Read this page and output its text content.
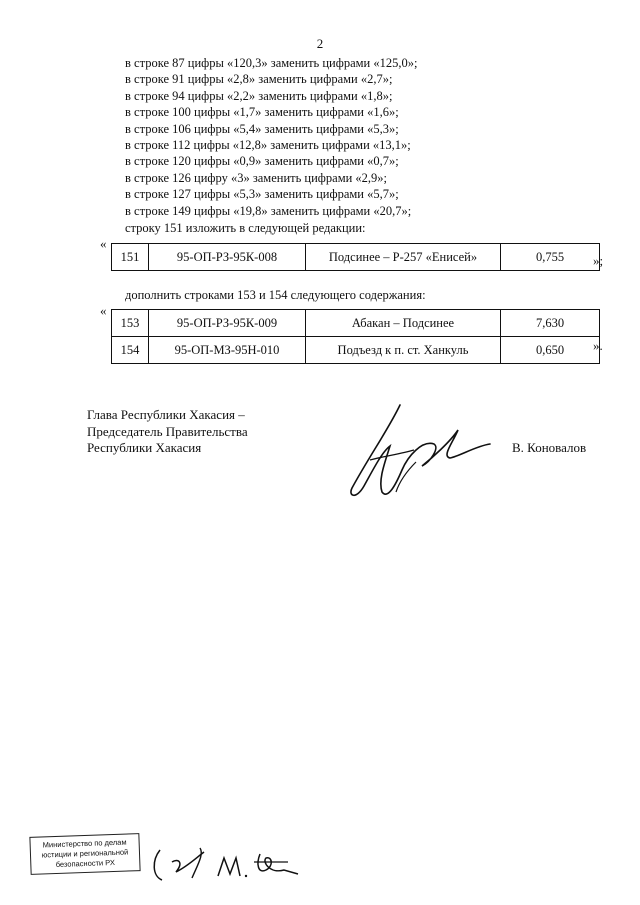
2
в строке 87 цифры «120,3» заменить цифрами «125,0»;
в строке 91 цифры «2,8» заменить цифрами «2,7»;
в строке 94 цифры «2,2» заменить цифрами «1,8»;
в строке 100 цифры «1,7» заменить цифрами «1,6»;
в строке 106 цифры «5,4» заменить цифрами «5,3»;
в строке 112 цифры «12,8» заменить цифрами «13,1»;
в строке 120 цифры «0,9» заменить цифрами «0,7»;
в строке 126 цифру «3» заменить цифрами «2,9»;
в строке 127 цифры «5,3» заменить цифрами «5,7»;
в строке 149 цифры «19,8» заменить цифрами «20,7»;
строку 151 изложить в следующей редакции:
«
151	95-ОП-РЗ-95К-008	Подсинее – Р-257 «Енисей»	0,755 »;
дополнить строками 153 и 154 следующего содержания:
«
153	95-ОП-РЗ-95К-009	Абакан – Подсинее	7,630
154	95-ОП-МЗ-95Н-010	Подъезд к п. ст. Ханкуль	0,650 ».
Глава Республики Хакасия –
Председатель Правительства
Республики Хакасия	В. Коновалов
Министерство по делам
юстиции и региональной
безопасности РХ
